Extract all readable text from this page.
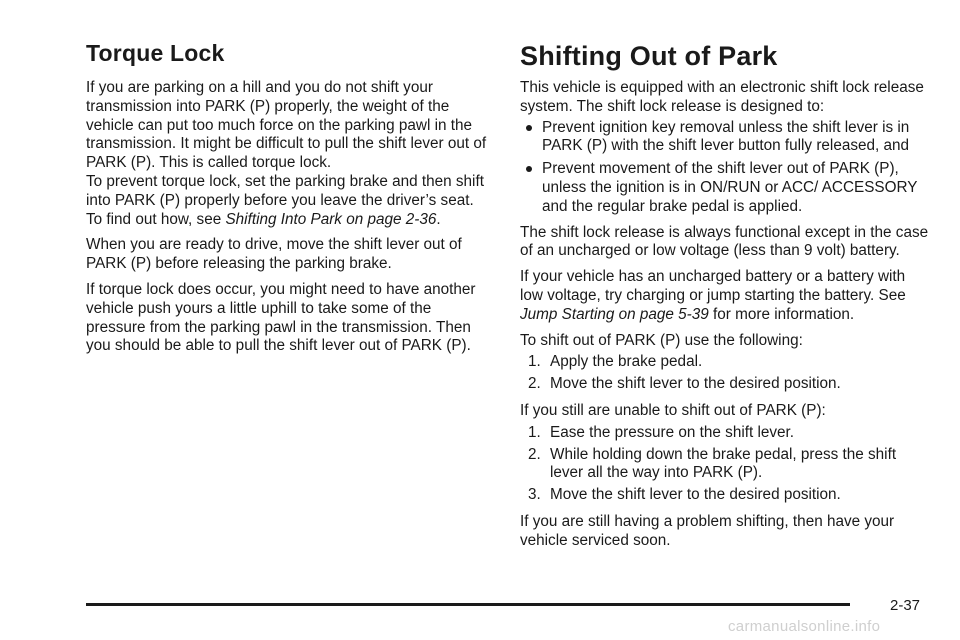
Torque Lock

If you are parking on a hill and you do not shift your transmission into PARK (P) properly, the weight of the vehicle can put too much force on the parking pawl in the transmission. It might be difficult to pull the shift lever out of PARK (P). This is called torque lock.

To prevent torque lock, set the parking brake and then shift into PARK (P) properly before you leave the driver’s seat. To find out how, see Shifting Into Park on page 2-36.

When you are ready to drive, move the shift lever out of PARK (P) before releasing the parking brake.

If torque lock does occur, you might need to have another vehicle push yours a little uphill to take some of the pressure from the parking pawl in the transmission. Then you should be able to pull the shift lever out of PARK (P).

Shifting Out of Park

This vehicle is equipped with an electronic shift lock release system. The shift lock release is designed to:

Prevent ignition key removal unless the shift lever is in PARK (P) with the shift lever button fully released, and
Prevent movement of the shift lever out of PARK (P), unless the ignition is in ON/RUN or ACC/ ACCESSORY and the regular brake pedal is applied.

The shift lock release is always functional except in the case of an uncharged or low voltage (less than 9 volt) battery.

If your vehicle has an uncharged battery or a battery with low voltage, try charging or jump starting the battery. See Jump Starting on page 5-39 for more information.

To shift out of PARK (P) use the following:

1. Apply the brake pedal.
2. Move the shift lever to the desired position.

If you still are unable to shift out of PARK (P):

1. Ease the pressure on the shift lever.
2. While holding down the brake pedal, press the shift lever all the way into PARK (P).
3. Move the shift lever to the desired position.

If you are still having a problem shifting, then have your vehicle serviced soon.

2-37
carmanualsonline.info
